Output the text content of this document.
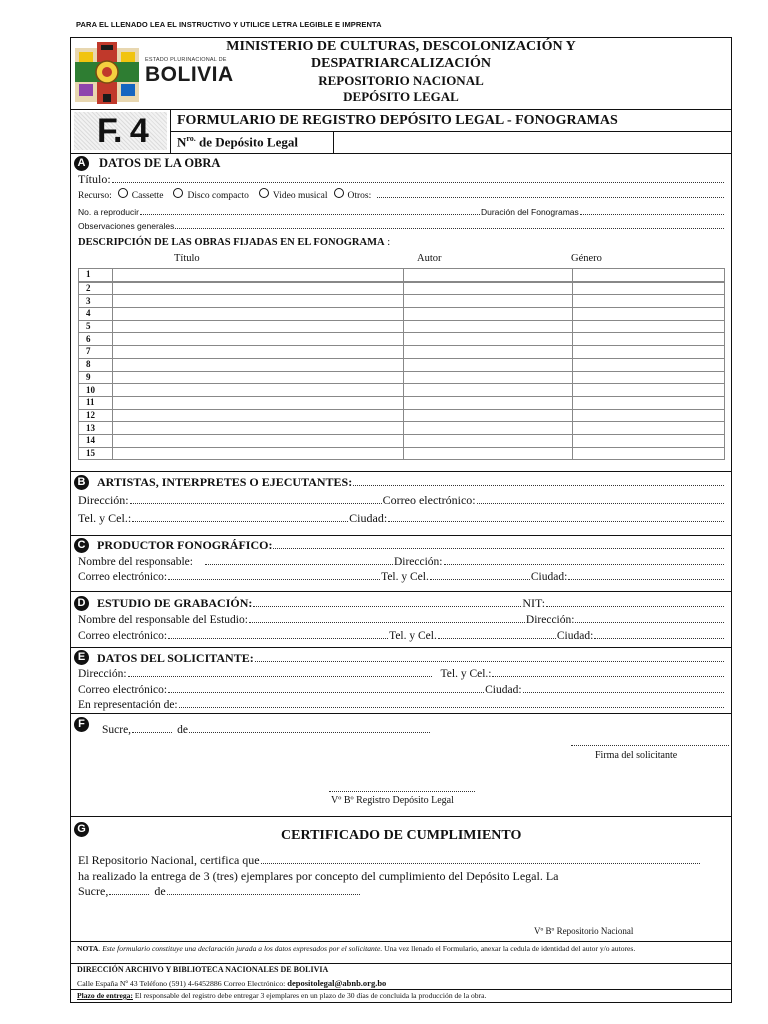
PARA EL LLENADO LEA EL INSTRUCTIVO Y UTILICE LETRA LEGIBLE E IMPRENTA
ESTADO PLURINACIONAL DE
BOLIVIA
MINISTERIO DE CULTURAS, DESCOLONIZACIÓN Y
DESPATRIARCALIZACIÓN
REPOSITORIO NACIONAL
DEPÓSITO LEGAL
F. 4 FORMULARIO DE REGISTRO DEPÓSITO LEGAL - FONOGRAMAS
$N^{ro.}$ de Depósito Legal
A DATOS DE LA OBRA
Título:
Recurso: Cassette	Disco compacto	Video musical Otros:
No. a reproducir	Duración del Fonogramas
Observaciones generales
DESCRIPCIÓN DE LAS OBRAS FIJADAS EN EL FONOGRAMA :
Título	Autor	Género
1			
2			
3			
4			
5			
6			
7			
8			
9			
10			
11			
12			
13			
14			
15			
B ARTISTAS, INTERPRETES O EJECUTANTES:
Dirección:	Correo electrónico:
Tel. y Cel.:	Ciudad:
C PRODUCTOR FONOGRÁFICO:
Nombre del responsable:	Dirección:
Correo electrónico:	Tel. y Cel.	Ciudad:
D ESTUDIO DE GRABACIÓN:	NIT:
Nombre del responsable del Estudio:	Dirección:
Correo electrónico:	Tel. y Cel.	Ciudad:
E DATOS DEL SOLICITANTE:
Dirección:	Tel. y Cel.:
Correo electrónico:	Ciudad:
En representación de:
F	Sucre,	de
Firma del solicitante
Vº Bº Registro Depósito Legal
G	CERTIFICADO DE CUMPLIMIENTO
El Repositorio Nacional, certifica que
ha realizado la entrega de 3 (tres) ejemplares por concepto del cumplimiento del Depósito Legal. La
Sucre,	de
Vº Bº Repositorio Nacional
NOTA. Este formulario constituye una declaración jurada a los datos expresados por el solicitante. Una vez llenado el Formulario, anexar la cedula de identidad del autor y/o autores.
DIRECCIÓN ARCHIVO Y BIBLIOTECA NACIONALES DE BOLIVIA
Calle España Nº 43 Teléfono (591) 4-6452886 Correo Electrónico: depositolegal@abnb.org.bo
Plazo de entrega: El responsable del registro debe entregar 3 ejemplares en un plazo de 30 días de concluida la producción de la obra.
